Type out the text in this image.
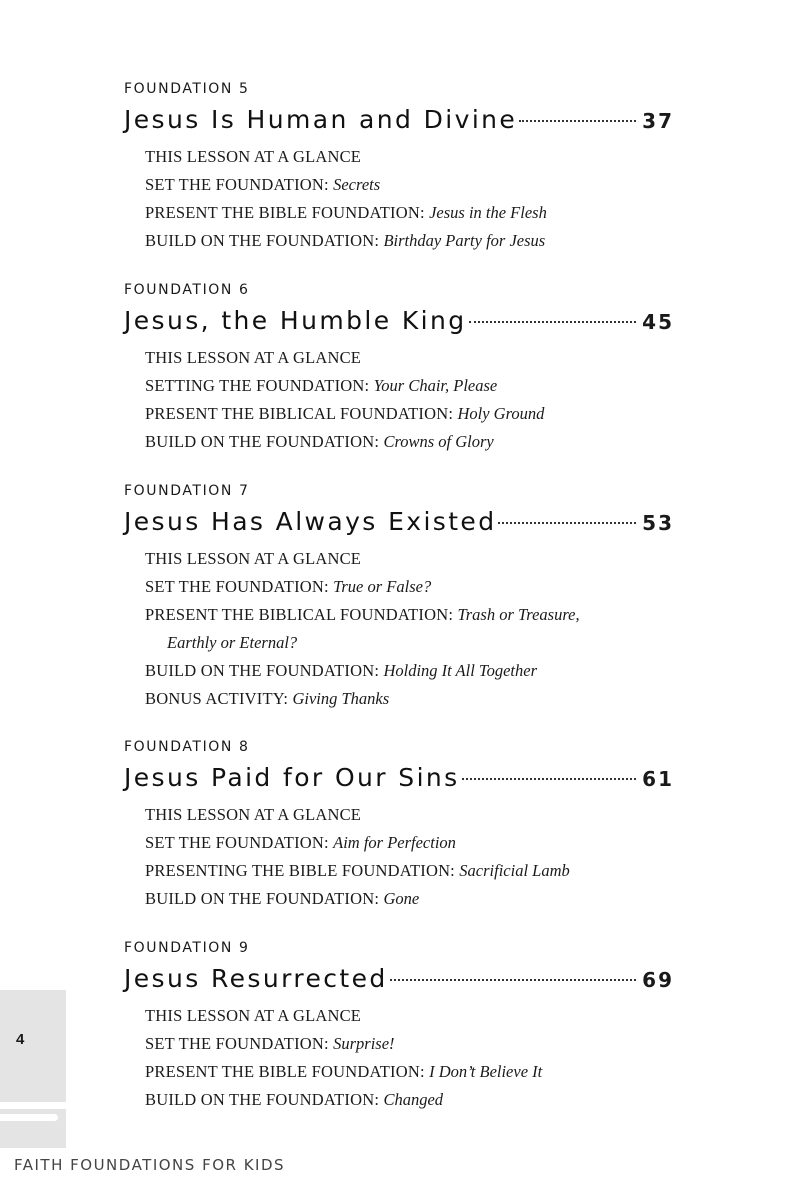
4
FAITH FOUNDATIONS FOR KIDS
FOUNDATION 5
Jesus Is Human and Divine	37
THIS LESSON AT A GLANCE
SET THE FOUNDATION: Secrets
PRESENT THE BIBLE FOUNDATION: Jesus in the Flesh
BUILD ON THE FOUNDATION: Birthday Party for Jesus
FOUNDATION 6
Jesus, the Humble King	45
THIS LESSON AT A GLANCE
SETTING THE FOUNDATION: Your Chair, Please
PRESENT THE BIBLICAL FOUNDATION: Holy Ground
BUILD ON THE FOUNDATION: Crowns of Glory
FOUNDATION 7
Jesus Has Always Existed	53
THIS LESSON AT A GLANCE
SET THE FOUNDATION: True or False?
PRESENT THE BIBLICAL FOUNDATION: Trash or Treasure,
Earthly or Eternal?
BUILD ON THE FOUNDATION: Holding It All Together
BONUS ACTIVITY: Giving Thanks
FOUNDATION 8
Jesus Paid for Our Sins	61
THIS LESSON AT A GLANCE
SET THE FOUNDATION: Aim for Perfection
PRESENTING THE BIBLE FOUNDATION: Sacrificial Lamb
BUILD ON THE FOUNDATION: Gone
FOUNDATION 9
Jesus Resurrected	69
THIS LESSON AT A GLANCE
SET THE FOUNDATION: Surprise!
PRESENT THE BIBLE FOUNDATION: I Don’t Believe It
BUILD ON THE FOUNDATION: Changed
